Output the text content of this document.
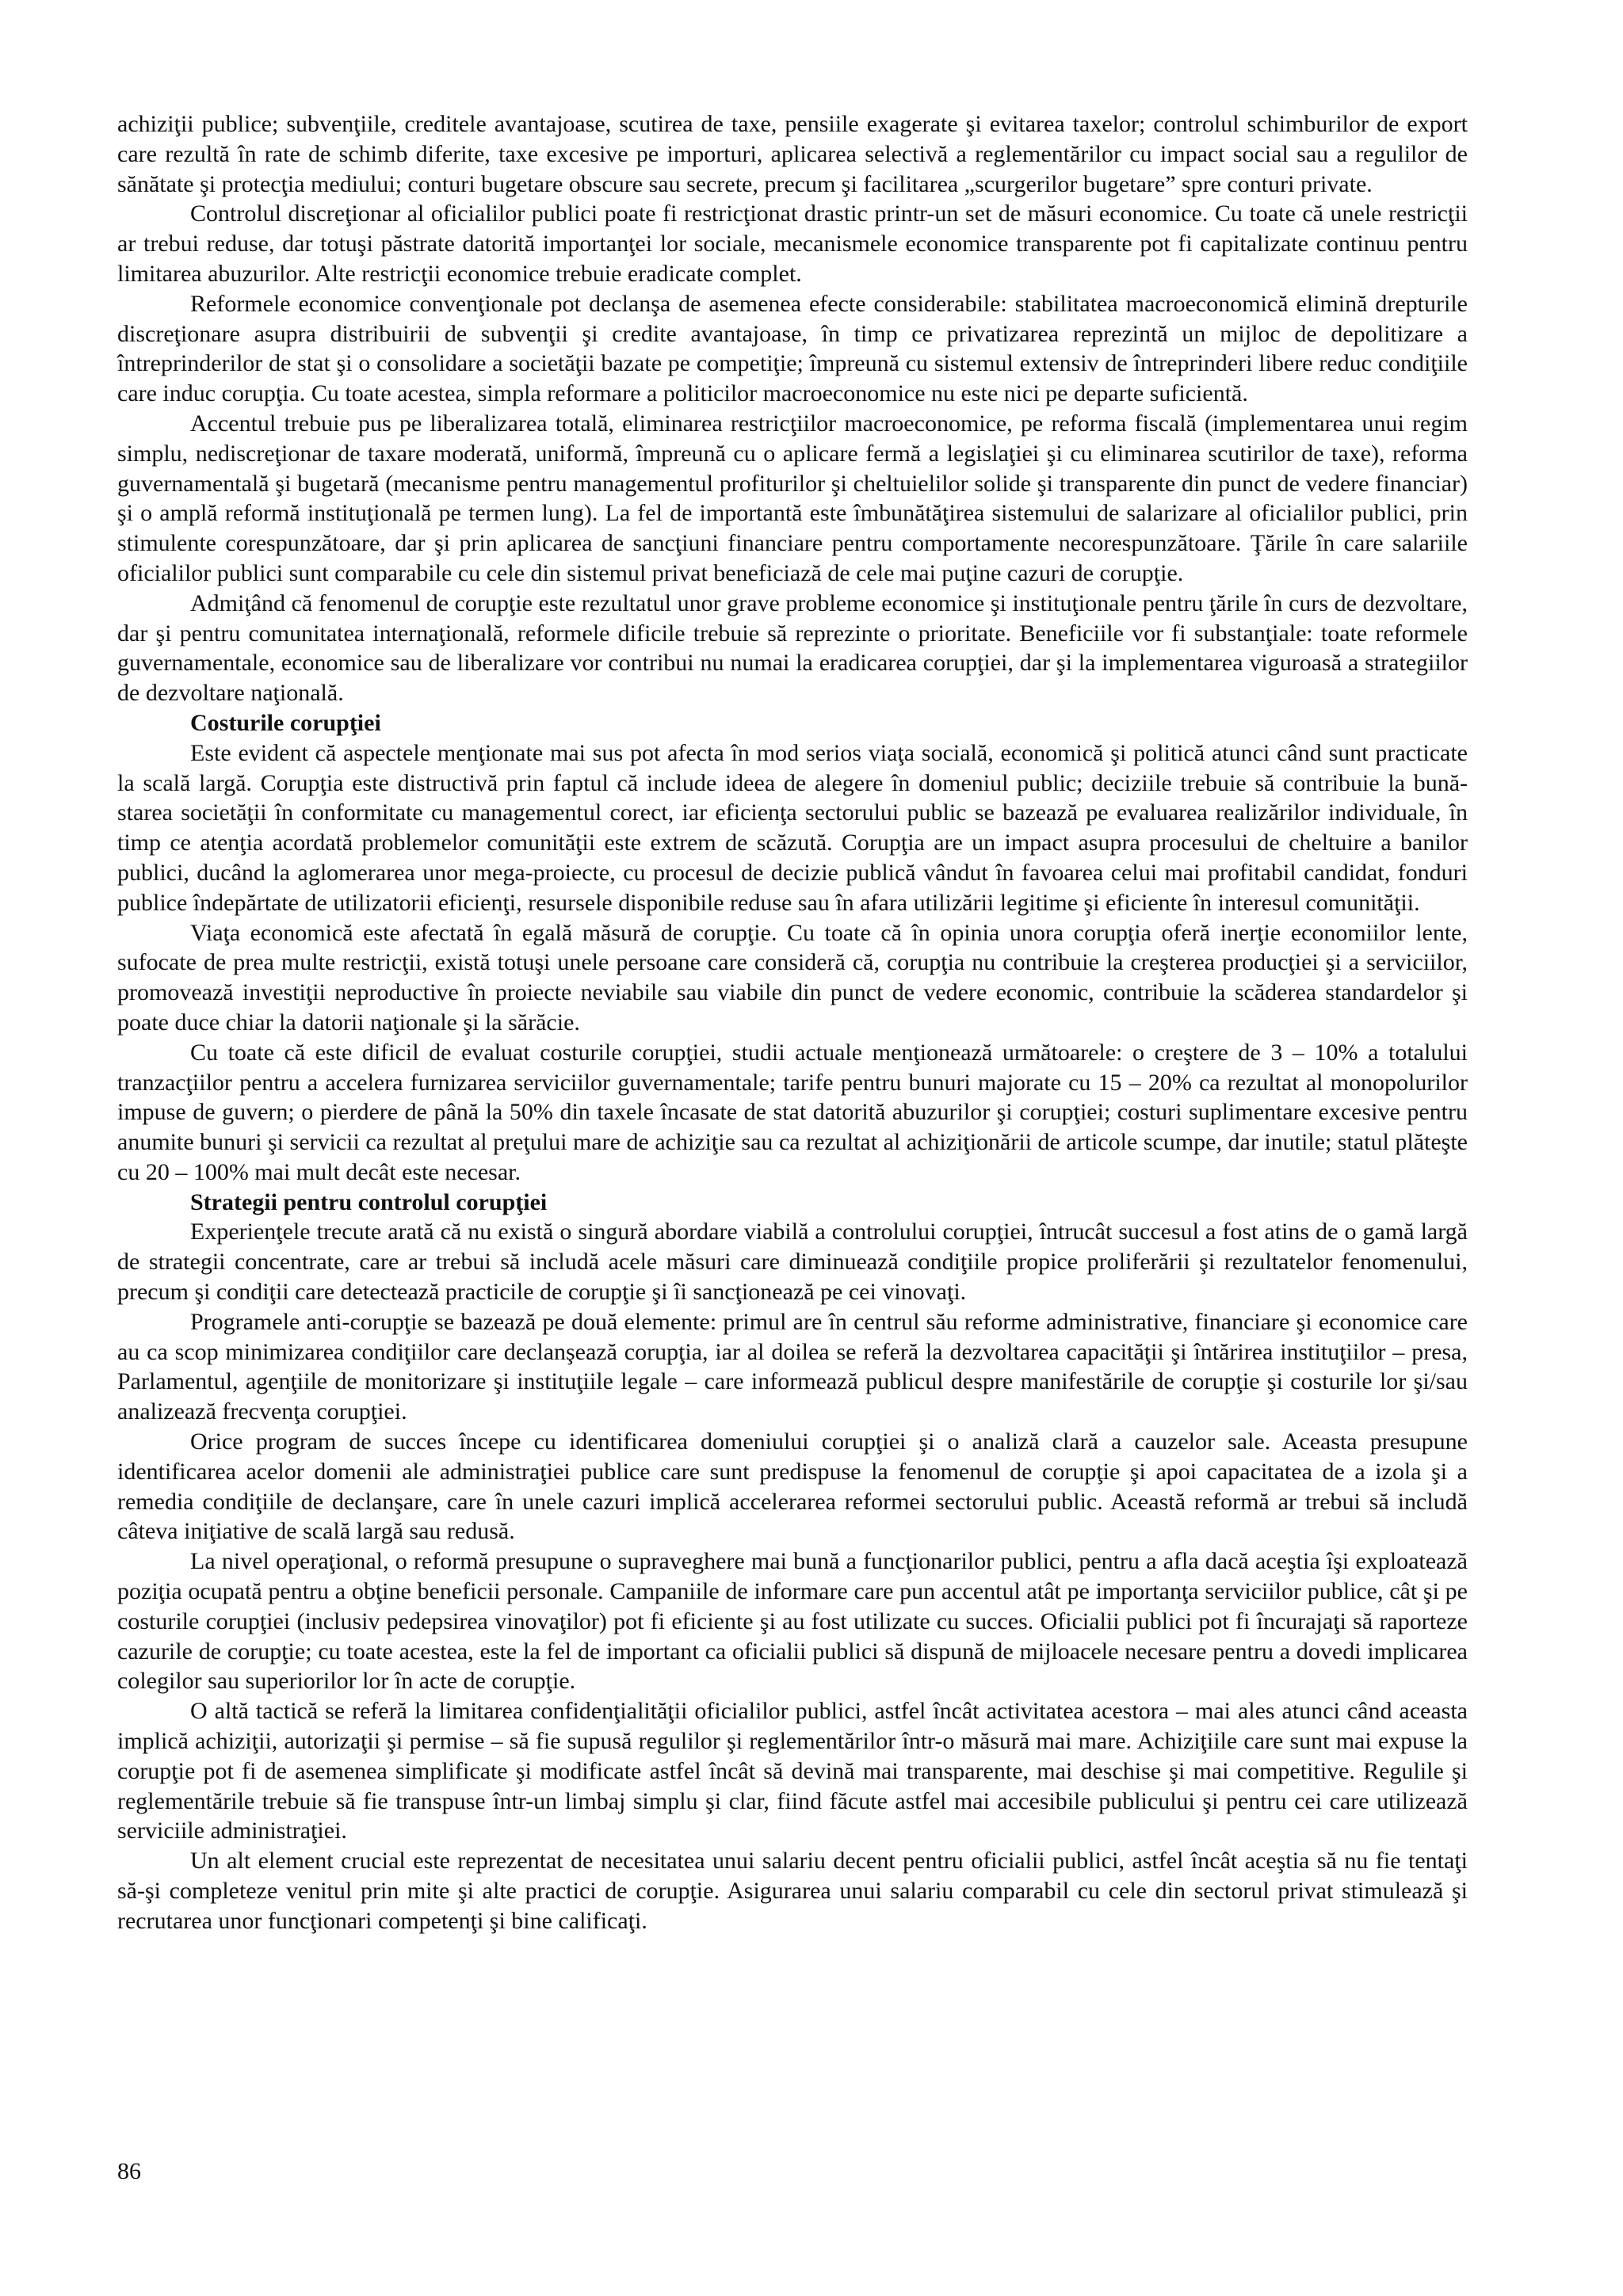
achiziţii publice; subvenţiile, creditele avantajoase, scutirea de taxe, pensiile exagerate şi evitarea taxelor; controlul schimburilor de export care rezultă în rate de schimb diferite, taxe excesive pe importuri, aplicarea selectivă a reglementărilor cu impact social sau a regulilor de sănătate şi protecţia mediului; conturi bugetare obscure sau secrete, precum şi facilitarea „scurgerilor bugetare” spre conturi private.

Controlul discreţionar al oficialilor publici poate fi restricţionat drastic printr-un set de măsuri economice. Cu toate că unele restricţii ar trebui reduse, dar totuşi păstrate datorită importanţei lor sociale, mecanismele economice transparente pot fi capitalizate continuu pentru limitarea abuzurilor. Alte restricţii economice trebuie eradicate complet.

Reformele economice convenţionale pot declanşa de asemenea efecte considerabile: stabilitatea macroeconomică elimină drepturile discreţionare asupra distribuirii de subvenţii şi credite avantajoase, în timp ce privatizarea reprezintă un mijloc de depolitizare a întreprinderilor de stat şi o consolidare a societăţii bazate pe competiţie; împreună cu sistemul extensiv de întreprinderi libere reduc condiţiile care induc corupţia. Cu toate acestea, simpla reformare a politicilor macroeconomice nu este nici pe departe suficientă.

Accentul trebuie pus pe liberalizarea totală, eliminarea restricţiilor macroeconomice, pe reforma fiscală (implementarea unui regim simplu, nediscreţionar de taxare moderată, uniformă, împreună cu o aplicare fermă a legislaţiei şi cu eliminarea scutirilor de taxe), reforma guvernamentală şi bugetară (mecanisme pentru managementul profiturilor şi cheltuielilor solide şi transparente din punct de vedere financiar) şi o amplă reformă instituţională pe termen lung). La fel de importantă este îmbunătăţirea sistemului de salarizare al oficialilor publici, prin stimulente corespunzătoare, dar şi prin aplicarea de sancţiuni financiare pentru comportamente necorespunzătoare. Ţările în care salariile oficialilor publici sunt comparabile cu cele din sistemul privat beneficiază de cele mai puţine cazuri de corupţie.

Admiţând că fenomenul de corupţie este rezultatul unor grave probleme economice şi instituţionale pentru ţările în curs de dezvoltare, dar şi pentru comunitatea internaţională, reformele dificile trebuie să reprezinte o prioritate. Beneficiile vor fi substanţiale: toate reformele guvernamentale, economice sau de liberalizare vor contribui nu numai la eradicarea corupţiei, dar şi la implementarea viguroasă a strategiilor de dezvoltare naţională.

Costurile corupţiei

Este evident că aspectele menţionate mai sus pot afecta în mod serios viaţa socială, economică şi politică atunci când sunt practicate la scală largă. Corupţia este distructivă prin faptul că include ideea de alegere în domeniul public; deciziile trebuie să contribuie la bună-starea societăţii în conformitate cu managementul corect, iar eficienţa sectorului public se bazează pe evaluarea realizărilor individuale, în timp ce atenţia acordată problemelor comunităţii este extrem de scăzută. Corupţia are un impact asupra procesului de cheltuire a banilor publici, ducând la aglomerarea unor mega-proiecte, cu procesul de decizie publică vândut în favoarea celui mai profitabil candidat, fonduri publice îndepărtate de utilizatorii eficienţi, resursele disponibile reduse sau în afara utilizării legitime şi eficiente în interesul comunităţii.

Viaţa economică este afectată în egală măsură de corupţie. Cu toate că în opinia unora corupţia oferă inerţie economiilor lente, sufocate de prea multe restricţii, există totuşi unele persoane care consideră că, corupţia nu contribuie la creşterea producţiei şi a serviciilor, promovează investiţii neproductive în proiecte neviabile sau viabile din punct de vedere economic, contribuie la scăderea standardelor şi poate duce chiar la datorii naţionale şi la sărăcie.

Cu toate că este dificil de evaluat costurile corupţiei, studii actuale menţionează următoarele: o creştere de 3 – 10% a totalului tranzacţiilor pentru a accelera furnizarea serviciilor guvernamentale; tarife pentru bunuri majorate cu 15 – 20% ca rezultat al monopolurilor impuse de guvern; o pierdere de până la 50% din taxele încasate de stat datorită abuzurilor şi corupţiei; costuri suplimentare excesive pentru anumite bunuri şi servicii ca rezultat al preţului mare de achiziţie sau ca rezultat al achiziţionării de articole scumpe, dar inutile; statul plăteşte cu 20 – 100% mai mult decât este necesar.

Strategii pentru controlul corupţiei

Experienţele trecute arată că nu există o singură abordare viabilă a controlului corupţiei, întrucât succesul a fost atins de o gamă largă de strategii concentrate, care ar trebui să includă acele măsuri care diminuează condiţiile propice proliferării şi rezultatelor fenomenului, precum şi condiţii care detectează practicile de corupţie şi îi sancţionează pe cei vinovaţi.

Programele anti-corupţie se bazează pe două elemente: primul are în centrul său reforme administrative, financiare şi economice care au ca scop minimizarea condiţiilor care declanşează corupţia, iar al doilea se referă la dezvoltarea capacităţii şi întărirea instituţiilor – presa, Parlamentul, agenţiile de monitorizare şi instituţiile legale – care informează publicul despre manifestările de corupţie şi costurile lor şi/sau analizează frecvenţa corupţiei.

Orice program de succes începe cu identificarea domeniului corupţiei şi o analiză clară a cauzelor sale. Aceasta presupune identificarea acelor domenii ale administraţiei publice care sunt predispuse la fenomenul de corupţie şi apoi capacitatea de a izola şi a remedia condiţiile de declanşare, care în unele cazuri implică accelerarea reformei sectorului public. Această reformă ar trebui să includă câteva iniţiative de scală largă sau redusă.

La nivel operaţional, o reformă presupune o supraveghere mai bună a funcţionarilor publici, pentru a afla dacă aceştia îşi exploatează poziţia ocupată pentru a obţine beneficii personale. Campaniile de informare care pun accentul atât pe importanţa serviciilor publice, cât şi pe costurile corupţiei (inclusiv pedepsirea vinovaţilor) pot fi eficiente şi au fost utilizate cu succes. Oficialii publici pot fi încurajaţi să raporteze cazurile de corupţie; cu toate acestea, este la fel de important ca oficialii publici să dispună de mijloacele necesare pentru a dovedi implicarea colegilor sau superiorilor lor în acte de corupţie.

O altă tactică se referă la limitarea confidenţialităţii oficialilor publici, astfel încât activitatea acestora – mai ales atunci când aceasta implică achiziţii, autorizaţii şi permise – să fie supusă regulilor şi reglementărilor într-o măsură mai mare. Achiziţiile care sunt mai expuse la corupţie pot fi de asemenea simplificate şi modificate astfel încât să devină mai transparente, mai deschise şi mai competitive. Regulile şi reglementările trebuie să fie transpuse într-un limbaj simplu şi clar, fiind făcute astfel mai accesibile publicului şi pentru cei care utilizează serviciile administraţiei.

Un alt element crucial este reprezentat de necesitatea unui salariu decent pentru oficialii publici, astfel încât aceştia să nu fie tentaţi să-şi completeze venitul prin mite şi alte practici de corupţie. Asigurarea unui salariu comparabil cu cele din sectorul privat stimulează şi recrutarea unor funcţionari competenţi şi bine calificaţi.

86
